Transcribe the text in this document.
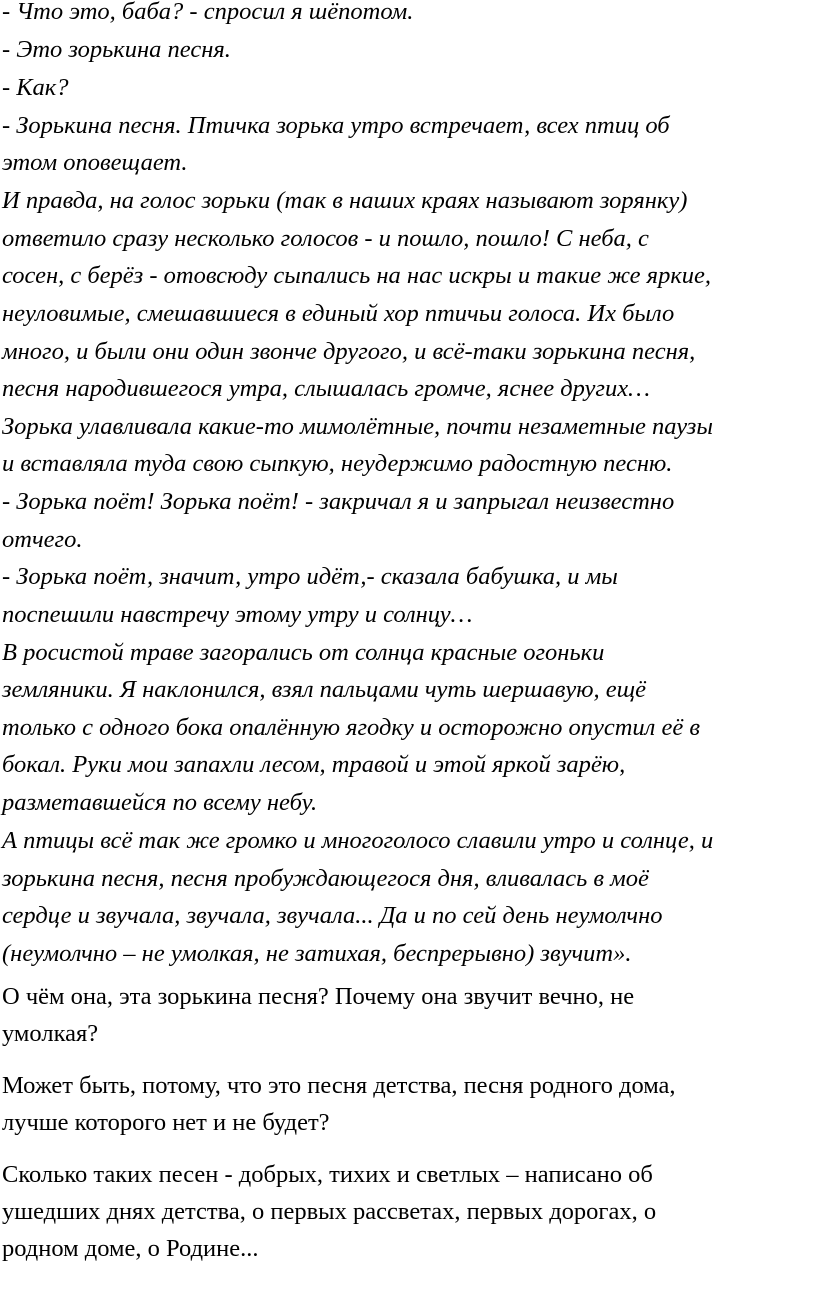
- Что это, баба? - спросил я шёпотом.
- Это зорькина песня.
- Как?
- Зорькина песня. Птичка зорька утро встречает, всех птиц об
этом оповещает.
И правда, на голос зорьки (так в наших краях называют зорянку)
ответило сразу несколько голосов - и пошло, пошло! С неба, с
сосен, с берёз - отовсюду сыпались на нас искры и такие же яркие,
неуловимые, смешавшиеся в единый хор птичьи голоса. Их было
много, и были они один звонче другого, и всё-таки зорькина песня,
песня народившегося утра, слышалась громче, яснее других…
Зорька улавливала какие-то мимолётные, почти незаметные паузы
и вставляла туда свою сыпкую, неудержимо радостную песню.
- Зорька поёт! Зорька поёт! - закричал я и запрыгал неизвестно
отчего.
- Зорька поёт, значит, утро идёт,- сказала бабушка, и мы
поспешили навстречу этому утру и солнцу…
В росистой траве загорались от солнца красные огоньки
земляники. Я наклонился, взял пальцами чуть шершавую, ещё
только с одного бока опалённую ягодку и осторожно опустил её в
бокал. Руки мои запахли лесом, травой и этой яркой зарёю,
разметавшейся по всему небу.
А птицы всё так же громко и многоголосо славили утро и солнце, и
зорькина песня, песня пробуждающегося дня, вливалась в моё
сердце и звучала, звучала, звучала... Да и по сей день неумолчно
(неумолчно – не умолкая, не затихая, беспрерывно) звучит».
О чём она, эта зорькина песня? Почему она звучит вечно, не
умолкая?
Может быть, потому, что это песня детства, песня родного дома,
лучше которого нет и не будет?
Сколько таких песен - добрых, тихих и светлых – написано об
ушедших днях детства, о первых рассветах, первых дорогах, о
родном доме, о Родине...
